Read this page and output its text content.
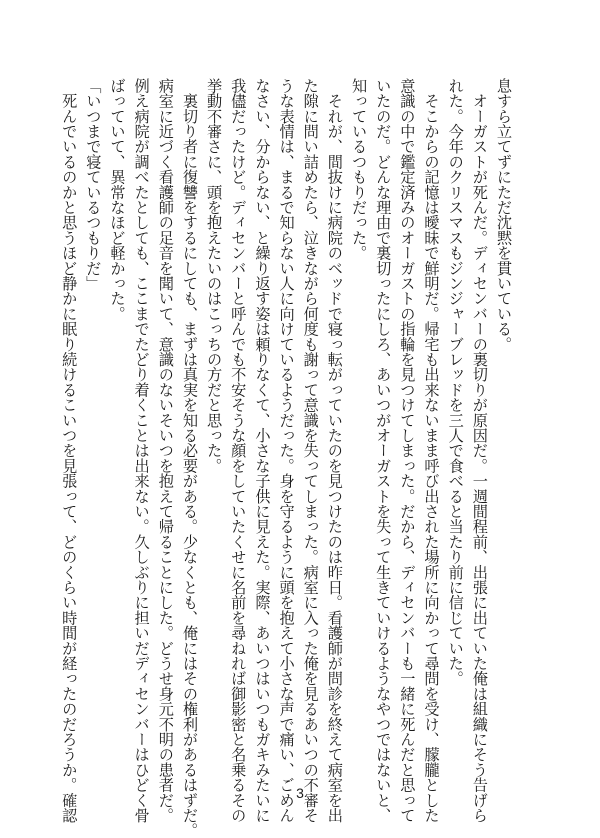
息すら立てずにただ沈黙を貫いている。

　オーガストが死んだ。ディセンバーの裏切りが原因だ。一週間程前、出張に出ていた俺は組織にそう告げら

れた。今年のクリスマスもジンジャーブレッドを三人で食べると当たり前に信じていた。

　そこからの記憶は曖昧で鮮明だ。帰宅も出来ないまま呼び出された場所に向かって尋問を受け、朦朧とした

意識の中で鑑定済みのオーガストの指輪を見つけてしまった。だから、ディセンバーも一緒に死んだと思って

いたのだ。どんな理由で裏切ったにしろ、あいつがオーガストを失って生きていけるようなやつではないと、

知っているつもりだった。

　それが、間抜けに病院のベッドで寝っ転がっていたのを見つけたのは昨日。看護師が問診を終えて病室を出

た隙に問い詰めたら、泣きながら何度も謝って意識を失ってしまった。病室に入った俺を見るあいつの不審そ

うな表情は、まるで知らない人に向けているようだった。身を守るように頭を抱えて小さな声で痛い、ごめん

なさい、分からない、と繰り返す姿は頼りなくて、小さな子供に見えた。実際、あいつはいつもガキみたいに

我儘だったけど。ディセンバーと呼んでも不安そうな顔をしていたくせに名前を尋ねれば御影密と名乗るその

挙動不審さに、頭を抱えたいのはこっちの方だと思った。

　裏切り者に復讐をするにしても、まずは真実を知る必要がある。少なくとも、俺にはその権利があるはずだ。

病室に近づく看護師の足音を聞いて、意識のないそいつを抱えて帰ることにした。どうせ身元不明の患者だ。

例え病院が調べたとしても、ここまでたどり着くことは出来ない。久しぶりに担いだディセンバーはひどく骨

ばっていて、異常なほど軽かった。

「いつまで寝ているつもりだ」

　死んでいるのかと思うほど静かに眠り続けるこいつを見張って、どのくらい時間が経ったのだろうか。確認	3
